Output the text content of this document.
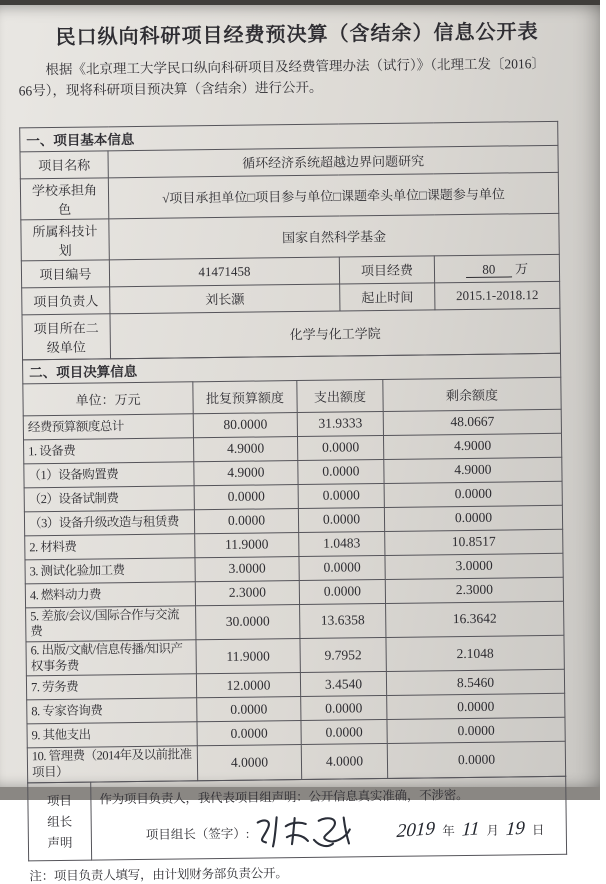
民口纵向科研项目经费预决算（含结余）信息公开表

根据《北京理工大学民口纵向科研项目及经费管理办法（试行）》（北理工发〔2016〕66号），现将科研项目预决算（含结余）进行公开。

一、项目基本信息			
项目名称	循环经济系统超越边界问题研究		
学校承担角色	√项目承担单位□项目参与单位□课题牵头单位□课题参与单位		
所属科技计划	国家自然科学基金		
项目编号	41471458	项目经费	80 万
项目负责人	刘长灏	起止时间	2015.1-2018.12
项目所在二级单位	化学与化工学院		
二、项目决算信息			
单位：万元	批复预算额度	支出额度	剩余额度
经费预算额度总计	80.0000	31.9333	48.0667
1. 设备费	4.9000	0.0000	4.9000
（1）设备购置费	4.9000	0.0000	4.9000
（2）设备试制费	0.0000	0.0000	0.0000
（3）设备升级改造与租赁费	0.0000	0.0000	0.0000
2. 材料费	11.9000	1.0483	10.8517
3. 测试化验加工费	3.0000	0.0000	3.0000
4. 燃料动力费	2.3000	0.0000	2.3000
5. 差旅/会议/国际合作与交流费	30.0000	13.6358	16.3642
6. 出版/文献/信息传播/知识产权事务费	11.9000	9.7952	2.1048
7. 劳务费	12.0000	3.4540	8.5460
8. 专家咨询费	0.0000	0.0000	0.0000
9. 其他支出	0.0000	0.0000	0.0000
10. 管理费（2014年及以前批准项目）	4.0000	4.0000	0.0000
项目
组长
声明

作为项目负责人，我代表项目组声明：公开信息真实准确，不涉密。
项目组长（签字）:	2019 年 11 月 19 日

注：项目负责人填写，由计划财务部负责公开。
